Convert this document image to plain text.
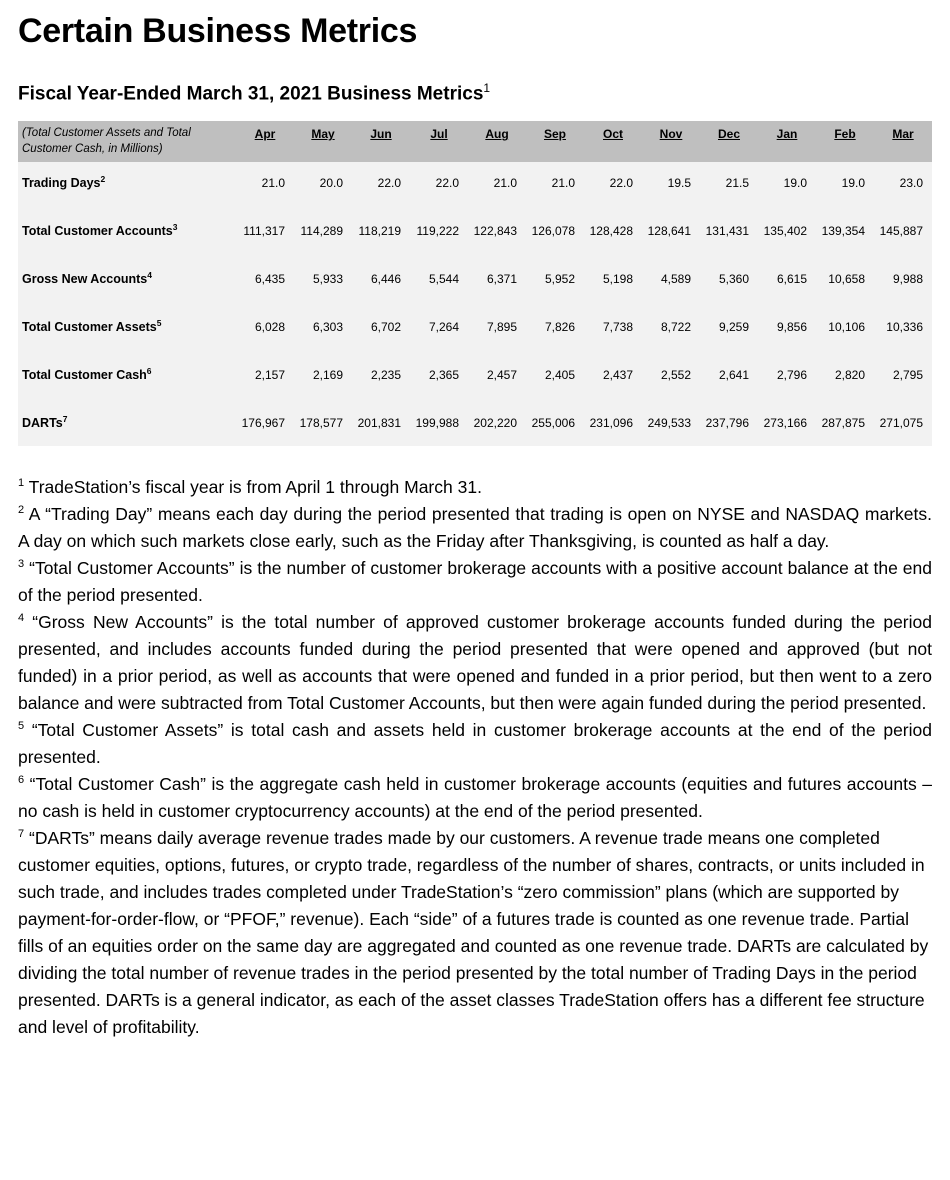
Certain Business Metrics
Fiscal Year-Ended March 31, 2021 Business Metrics$^1$
(Total Customer Assets and Total Customer Cash, in Millions)	Apr	May	Jun	Jul	Aug	Sep	Oct	Nov	Dec	Jan	Feb	Mar
Trading Days$^2$	21.0	20.0	22.0	22.0	21.0	21.0	22.0	19.5	21.5	19.0	19.0	23.0
Total Customer Accounts$^3$	111,317	114,289	118,219	119,222	122,843	126,078	128,428	128,641	131,431	135,402	139,354	145,887
Gross New Accounts$^4$	6,435	5,933	6,446	5,544	6,371	5,952	5,198	4,589	5,360	6,615	10,658	9,988
Total Customer Assets$^5$	6,028	6,303	6,702	7,264	7,895	7,826	7,738	8,722	9,259	9,856	10,106	10,336
Total Customer Cash$^6$	2,157	2,169	2,235	2,365	2,457	2,405	2,437	2,552	2,641	2,796	2,820	2,795
DARTs$^7$	176,967	178,577	201,831	199,988	202,220	255,006	231,096	249,533	237,796	273,166	287,875	271,075

$^1$ TradeStation’s fiscal year is from April 1 through March 31.

$^2$ A “Trading Day” means each day during the period presented that trading is open on NYSE and NASDAQ markets. A day on which such markets close early, such as the Friday after Thanksgiving, is counted as half a day.

$^3$ “Total Customer Accounts” is the number of customer brokerage accounts with a positive account balance at the end of the period presented.

$^4$ “Gross New Accounts” is the total number of approved customer brokerage accounts funded during the period presented, and includes accounts funded during the period presented that were opened and approved (but not funded) in a prior period, as well as accounts that were opened and funded in a prior period, but then went to a zero balance and were subtracted from Total Customer Accounts, but then were again funded during the period presented.

$^5$ “Total Customer Assets” is total cash and assets held in customer brokerage accounts at the end of the period presented.

$^6$ “Total Customer Cash” is the aggregate cash held in customer brokerage accounts (equities and futures accounts – no cash is held in customer cryptocurrency accounts) at the end of the period presented.

$^7$ “DARTs” means daily average revenue trades made by our customers. A revenue trade means one completed customer equities, options, futures, or crypto trade, regardless of the number of shares, contracts, or units included in such trade, and includes trades completed under TradeStation’s “zero commission” plans (which are supported by payment-for-order-flow, or “PFOF,” revenue). Each “side” of a futures trade is counted as one revenue trade. Partial fills of an equities order on the same day are aggregated and counted as one revenue trade. DARTs are calculated by dividing the total number of revenue trades in the period presented by the total number of Trading Days in the period presented. DARTs is a general indicator, as each of the asset classes TradeStation offers has a different fee structure and level of profitability.
